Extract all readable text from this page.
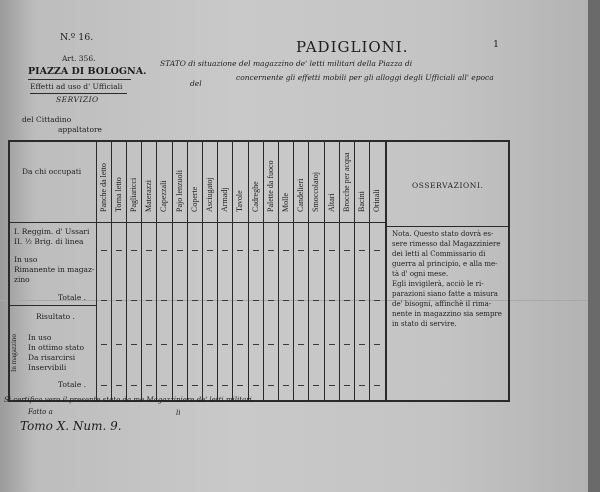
N.º 16.
Art. 356.
PIAZZA DI BOLOGNA.
Effetti ad uso d' Ufficiali
SERVIZIO
del Cittadino
appaltatore
PADIGLIONI.	1
STATO di situazione del magazzino de' letti militari della Piazza di
del
concernente gli effetti mobili per gli alloggi degli Ufficiali all' epoca
Panche da letto Torna letto Pagliaricci Materazzi Capezzali Pajo lenzuoli Coperte Asciugatoj Armadj Tavole Cadreghe Palette da fuoco Molle Candelieri Smoccolatoj Altari Brocche per acqua Bacini Orinali
Da chi occupati
I. Reggim. d' Ussari
II. ½ Brig. di linea
In uso
Rimanente in magaz-
zino
Totale .
Risultato .
In magazzino In uso
In ottimo stato
Da risarcirsi
Inservibili
Totale .
OSSERVAZIONI.
Nota. Questo stato dovrà es-
sere rimesso dal Magazziniere
dei letti al Commissario di
guerra al principio, e alla me-
tà d' ogni mese.
Egli invigilerà, acciò le ri-
parazioni siano fatte a misura
de' bisogni, affinchè il rima-
nente in magazzino sia sempre
in stato di servire.
Si certifica vero il presente stato da me Magazziniere de' letti militari.
Fatto a	li
Tomo X. Num. 9.
